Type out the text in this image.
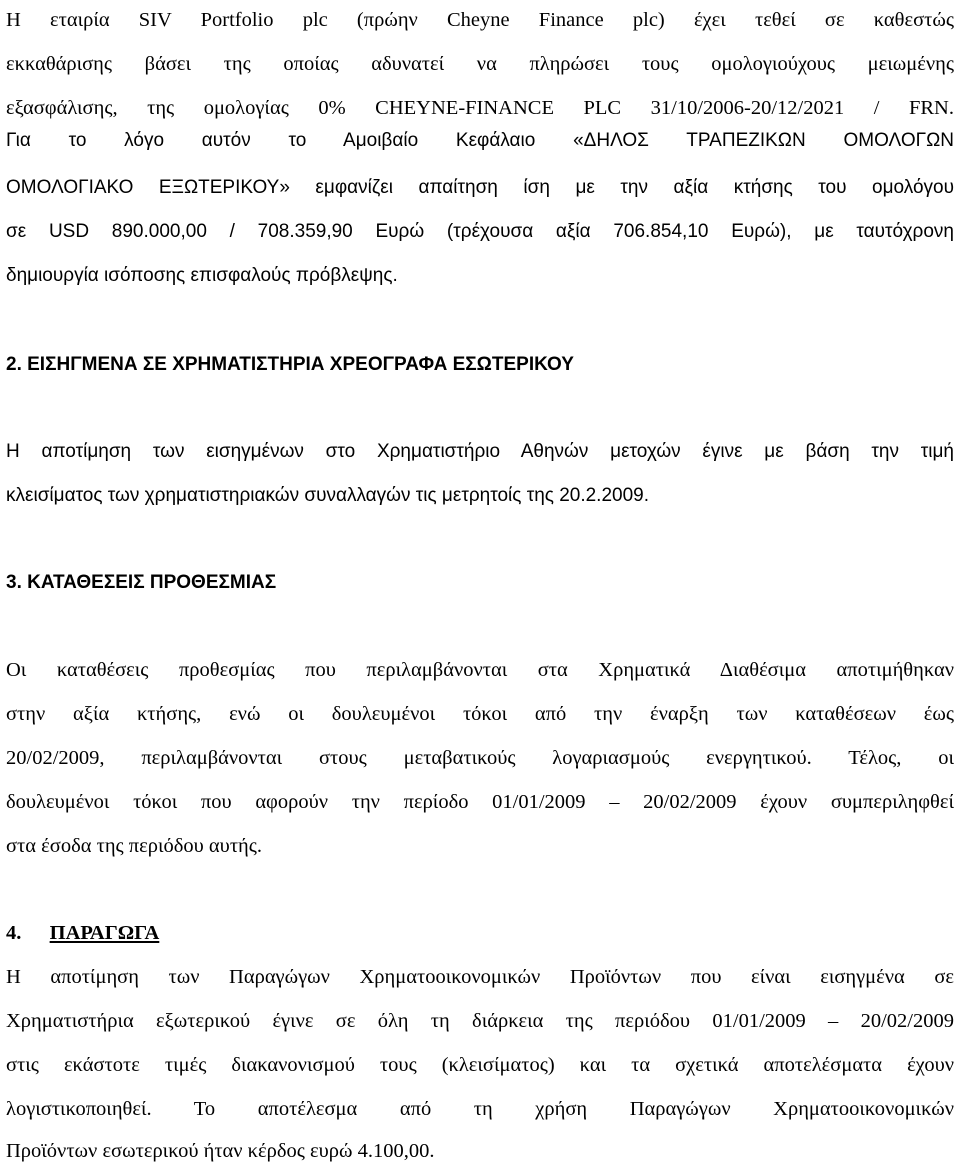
Η εταιρία SIV Portfolio plc (πρώην Cheyne Finance plc) έχει τεθεί σε καθεστώς
εκκαθάρισης βάσει της οποίας αδυνατεί να πληρώσει τους ομολογιούχους μειωμένης
εξασφάλισης, της ομολογίας 0% CHEYNE-FINANCE PLC 31/10/2006-20/12/2021 / FRN.
Για το λόγο αυτόν το Αμοιβαίο Κεφάλαιο «ΔΗΛΟΣ ΤΡΑΠΕΖΙΚΩΝ ΟΜΟΛΟΓΩΝ
ΟΜΟΛΟΓΙΑΚΟ ΕΞΩΤΕΡΙΚΟΥ» εμφανίζει απαίτηση ίση με την αξία κτήσης του ομολόγου
σε USD 890.000,00 / 708.359,90 Ευρώ (τρέχουσα αξία 706.854,10 Ευρώ), με ταυτόχρονη
δημιουργία ισόποσης επισφαλούς πρόβλεψης.
2. ΕΙΣΗΓΜΕΝΑ ΣΕ ΧΡΗΜΑΤΙΣΤΗΡΙΑ ΧΡΕΟΓΡΑΦΑ ΕΣΩΤΕΡΙΚΟΥ
Η αποτίμηση των εισηγμένων στο Χρηματιστήριο Αθηνών μετοχών έγινε με βάση την τιμή
κλεισίματος των χρηματιστηριακών συναλλαγών τις μετρητοίς της 20.2.2009.
3. ΚΑΤΑΘΕΣΕΙΣ ΠΡΟΘΕΣΜΙΑΣ
Οι καταθέσεις προθεσμίας που περιλαμβάνονται στα Χρηματικά Διαθέσιμα αποτιμήθηκαν
στην αξία κτήσης, ενώ οι δουλευμένοι τόκοι από την έναρξη των καταθέσεων έως
20/02/2009, περιλαμβάνονται στους μεταβατικούς λογαριασμούς ενεργητικού. Τέλος, οι
δουλευμένοι τόκοι που αφορούν την περίοδο 01/01/2009 – 20/02/2009 έχουν συμπεριληφθεί
στα έσοδα της περιόδου αυτής.
4. ΠΑΡΑΓΩΓΑ
Η αποτίμηση των Παραγώγων Χρηματοοικονομικών Προϊόντων που είναι εισηγμένα σε
Χρηματιστήρια εξωτερικού έγινε σε όλη τη διάρκεια της περιόδου 01/01/2009 – 20/02/2009
στις εκάστοτε τιμές διακανονισμού τους (κλεισίματος) και τα σχετικά αποτελέσματα έχουν
λογιστικοποιηθεί. Το αποτέλεσμα από τη χρήση Παραγώγων Χρηματοοικονομικών
Προϊόντων εσωτερικού ήταν κέρδος ευρώ 4.100,00.
